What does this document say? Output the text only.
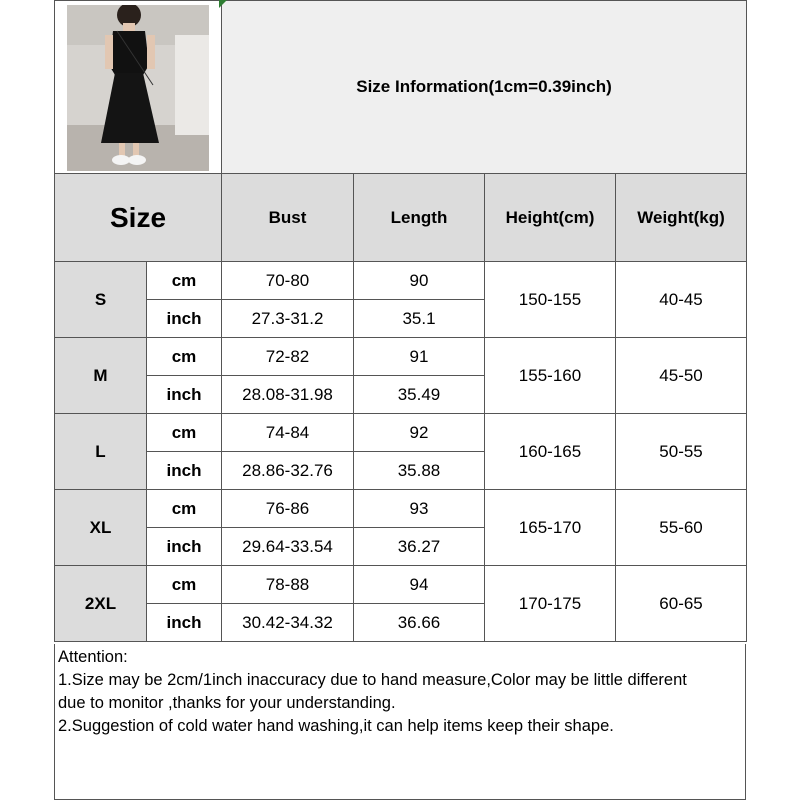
	Size Information(1cm=0.39inch)			
Size		Bust	Length	Height(cm)	Weight(kg)
S	cm	70-80	90	150-155	40-45
	inch	27.3-31.2	35.1		
M	cm	72-82	91	155-160	45-50
	inch	28.08-31.98	35.49		
L	cm	74-84	92	160-165	50-55
	inch	28.86-32.76	35.88		
XL	cm	76-86	93	165-170	55-60
	inch	29.64-33.54	36.27		
2XL	cm	78-88	94	170-175	60-65
	inch	30.42-34.32	36.66		

Attention:

1.Size may be 2cm/1inch inaccuracy due to hand measure,Color may be little different

due to monitor ,thanks for your understanding.

2.Suggestion of cold water hand washing,it can help items keep their shape.
